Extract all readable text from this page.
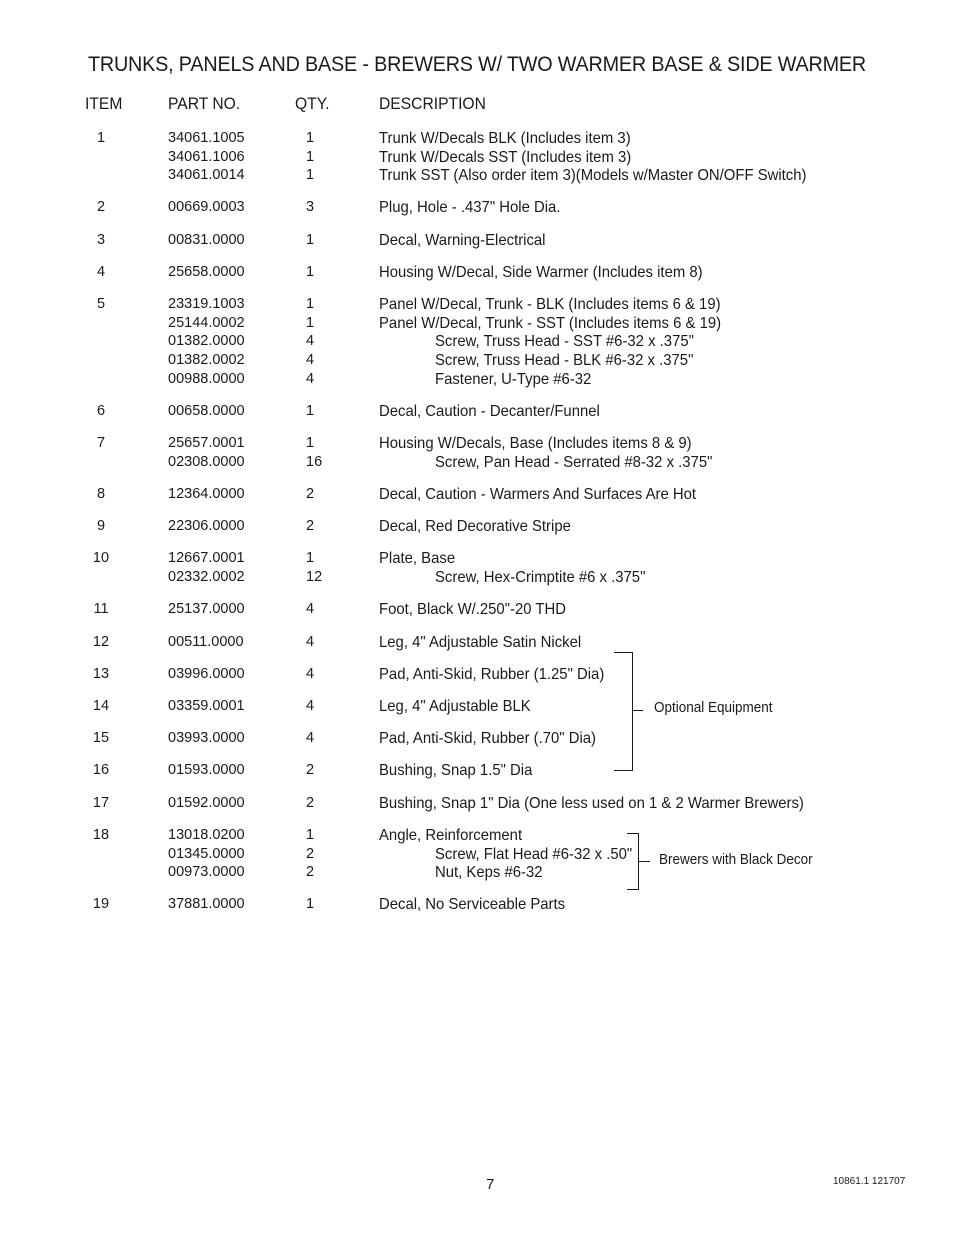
TRUNKS, PANELS AND BASE - BREWERS W/ TWO WARMER BASE & SIDE WARMER
ITEM	PART NO.	QTY.	DESCRIPTION
1	34061.1005	1	Trunk W/Decals BLK (Includes item 3)
34061.1006	1	Trunk W/Decals SST (Includes item 3)
34061.0014	1	Trunk SST (Also order item 3)(Models w/Master ON/OFF Switch)
2	00669.0003	3	Plug, Hole - .437" Hole Dia.
3	00831.0000	1	Decal, Warning-Electrical
4	25658.0000	1	Housing W/Decal, Side Warmer (Includes item 8)
5	23319.1003	1	Panel W/Decal, Trunk - BLK (Includes items 6 & 19)
25144.0002	1	Panel W/Decal, Trunk - SST (Includes items 6 & 19)
01382.0000	4	Screw, Truss Head - SST #6-32 x .375"
01382.0002	4	Screw, Truss Head - BLK #6-32 x .375"
00988.0000	4	Fastener, U-Type #6-32
6	00658.0000	1	Decal, Caution - Decanter/Funnel
7	25657.0001	1	Housing W/Decals, Base (Includes items 8 & 9)
02308.0000	16	Screw, Pan Head - Serrated #8-32 x .375"
8	12364.0000	2	Decal, Caution - Warmers And Surfaces Are Hot
9	22306.0000	2	Decal, Red Decorative Stripe
10	12667.0001	1	Plate, Base
02332.0002	12	Screw, Hex-Crimptite #6 x .375"
11	25137.0000	4	Foot, Black W/.250"-20 THD
12	00511.0000	4	Leg, 4" Adjustable Satin Nickel
13	03996.0000	4	Pad, Anti-Skid, Rubber (1.25" Dia)
14	03359.0001	4	Leg, 4" Adjustable BLK
15	03993.0000	4	Pad, Anti-Skid, Rubber (.70" Dia)
16	01593.0000	2	Bushing, Snap 1.5" Dia
17	01592.0000	2	Bushing, Snap 1" Dia (One less used on 1 & 2 Warmer Brewers)
18	13018.0200	1	Angle, Reinforcement
01345.0000	2	Screw, Flat Head #6-32 x .50"
00973.0000	2	Nut, Keps #6-32
19	37881.0000	1	Decal, No Serviceable Parts
Optional Equipment
Brewers with Black Decor
7	10861.1 121707
